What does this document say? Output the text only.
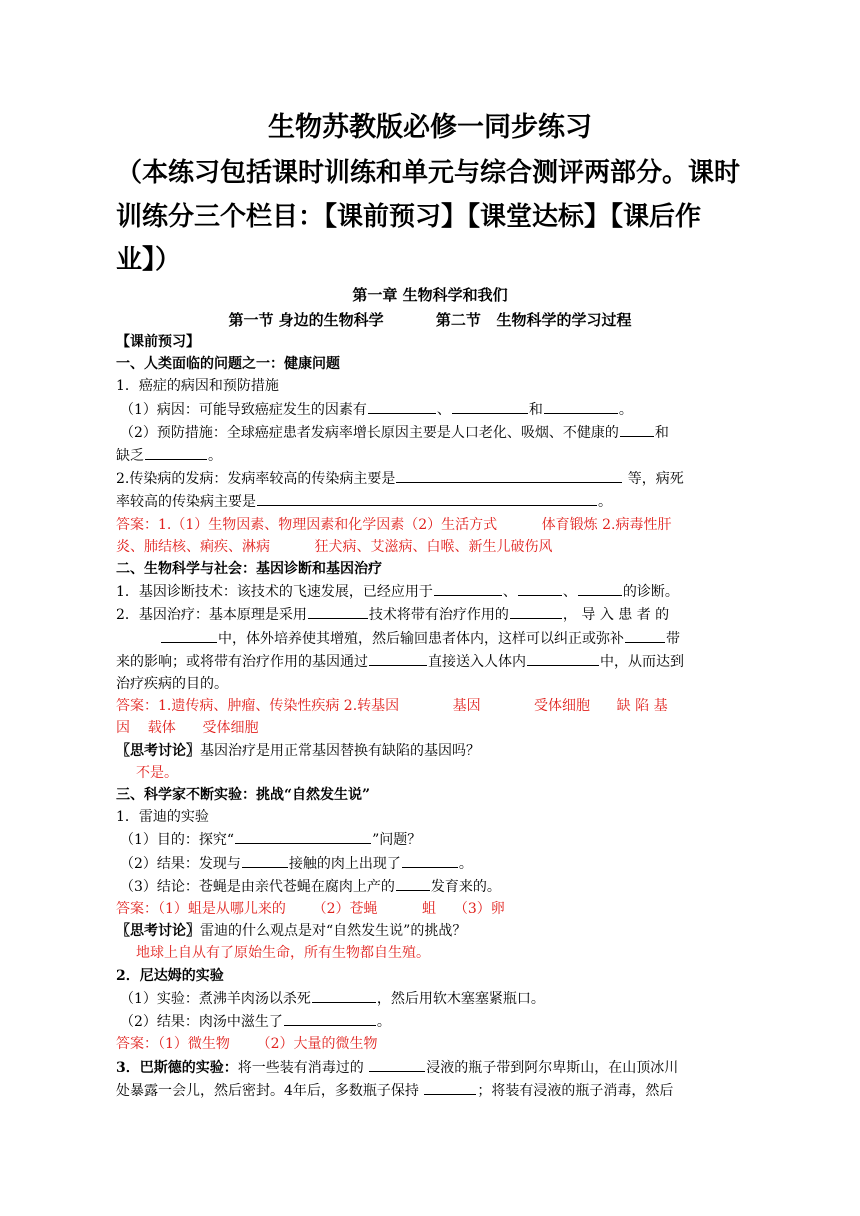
生物苏教版必修一同步练习
（本练习包括课时训练和单元与综合测评两部分。课时训练分三个栏目：【课前预习】【课堂达标】【课后作业】）
第一章 生物科学和我们
第一节 身边的生物科学          第二节   生物科学的学习过程

【课前预习】

一、人类面临的问题之一：健康问题

1．癌症的病因和预防措施

（1）病因：可能导致癌症发生的因素有	、	和	。

（2）预防措施：全球癌症患者发病率增长原因主要是人口老化、吸烟、不健康的	和

缺乏	。

2.传染病的发病：发病率较高的传染病主要是	等，病死

率较高的传染病主要是	。

答案：1.（1）生物因素、物理因素和化学因素（2）生活方式          体育锻炼 2.病毒性肝

炎、肺结核、痢疾、淋病          狂犬病、艾滋病、白喉、新生儿破伤风

二、生物科学与社会：基因诊断和基因治疗

1．基因诊断技术：该技术的飞速发展，已经应用于	、	、	的诊断。

2．基因治疗：基本原理是采用	技术将带有治疗作用的	， 导 入 患 者 的

中，体外培养使其增殖，然后输回患者体内，这样可以纠正或弥补	带

来的影响；或将带有治疗作用的基因通过	直接送入人体内	中，从而达到

治疗疾病的目的。

答案：1.遗传病、肿瘤、传染性疾病 2.转基因            基因            受体细胞      缺 陷 基

因    载体      受体细胞

〖思考讨论〗基因治疗是用正常基因替换有缺陷的基因吗？

不是。

三、科学家不断实验：挑战“自然发生说”

1．雷迪的实验

（1）目的：探究“	”问题？

（2）结果：发现与	接触的肉上出现了	。

（3）结论：苍蝇是由亲代苍蝇在腐肉上产的	发育来的。

答案：（1）蛆是从哪儿来的      （2）苍蝇          蛆    （3）卵

〖思考讨论〗雷迪的什么观点是对“自然发生说”的挑战？

地球上自从有了原始生命，所有生物都自生殖。

2．尼达姆的实验

（1）实验：煮沸羊肉汤以杀死	，然后用软木塞塞紧瓶口。

（2）结果：肉汤中滋生了	。

答案：（1）微生物      （2）大量的微生物

3．巴斯德的实验：将一些装有消毒过的	浸液的瓶子带到阿尔卑斯山，在山顶冰川

处暴露一会儿，然后密封。4年后，多数瓶子保持	；将装有浸液的瓶子消毒，然后
